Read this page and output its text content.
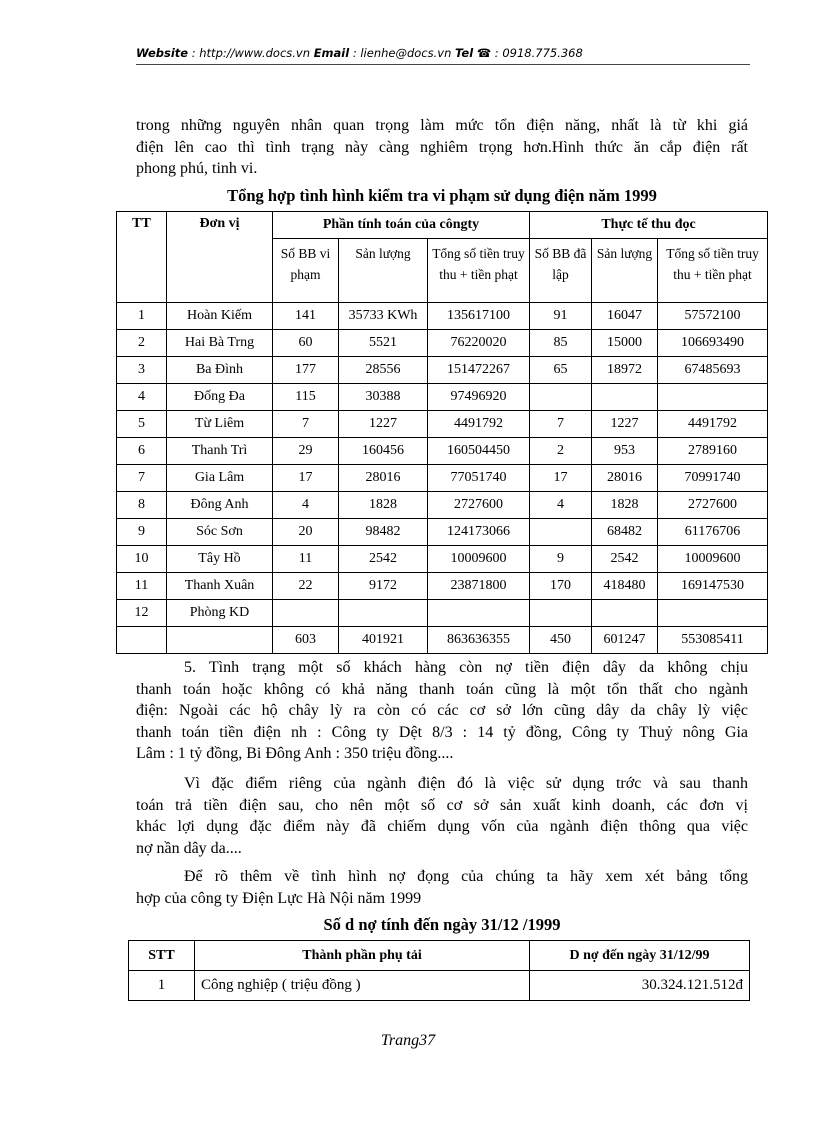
Website : http://www.docs.vn Email : lienhe@docs.vn Tel ☎ : 0918.775.368
trong những nguyên nhân quan trọng làm mức tổn điện năng, nhất là từ khi giá
điện lên cao thì tình trạng này càng nghiêm trọng hơn.Hình thức ăn cắp điện rất
phong phú, tinh vi.
Tổng hợp tình hình kiểm tra vi phạm sử dụng điện năm 1999
TT	Đơn vị	Phần tính toán của côngty			Thực tế thu đọc		
		Số BB vi phạm	Sản lượng	Tổng số tiền truy thu + tiền phạt	Số BB đã lập	Sản lượng	Tổng số tiền truy thu + tiền phạt
1	Hoàn Kiếm	141	35733 KWh	135617100	91	16047	57572100
2	Hai Bà Trng	60	5521	76220020	85	15000	106693490
3	Ba Đình	177	28556	151472267	65	18972	67485693
4	Đống Đa	115	30388	97496920			
5	Từ Liêm	7	1227	4491792	7	1227	4491792
6	Thanh Trì	29	160456	160504450	2	953	2789160
7	Gia Lâm	17	28016	77051740	17	28016	70991740
8	Đông Anh	4	1828	2727600	4	1828	2727600
9	Sóc Sơn	20	98482	124173066		68482	61176706
10	Tây Hồ	11	2542	10009600	9	2542	10009600
11	Thanh Xuân	22	9172	23871800	170	418480	169147530
12	Phòng KD						
		603	401921	863636355	450	601247	553085411
5. Tình trạng một số khách hàng còn nợ tiền điện dây da không chịu
thanh toán hoặc không có khả năng thanh toán cũng là một tổn thất cho ngành
điện: Ngoài các hộ chây lỳ ra còn có các cơ sở lớn cũng dây da chây lỳ việc
thanh toán tiền điện nh : Công ty Dệt 8/3 : 14 tỷ đồng, Công ty Thuỷ nông Gia
Lâm : 1 tỷ đồng, Bi Đông Anh : 350 triệu đồng....
Vì đặc điểm riêng của ngành điện đó là việc sử dụng trớc và sau thanh
toán trả tiền điện sau, cho nên một số cơ sở sản xuất kinh doanh, các đơn vị
khác lợi dụng đặc điểm này đã chiếm dụng vốn của ngành điện thông qua việc
nợ nần dây da....
Để rõ thêm về tình hình nợ đọng của chúng ta hãy xem xét bảng tổng
hợp của công ty Điện Lực Hà Nội năm 1999
Số d nợ tính đến ngày 31/12 /1999
STT	Thành phần phụ tải	D nợ đến ngày 31/12/99
1	Công nghiệp ( triệu đồng )	30.324.121.512đ
Trang37
